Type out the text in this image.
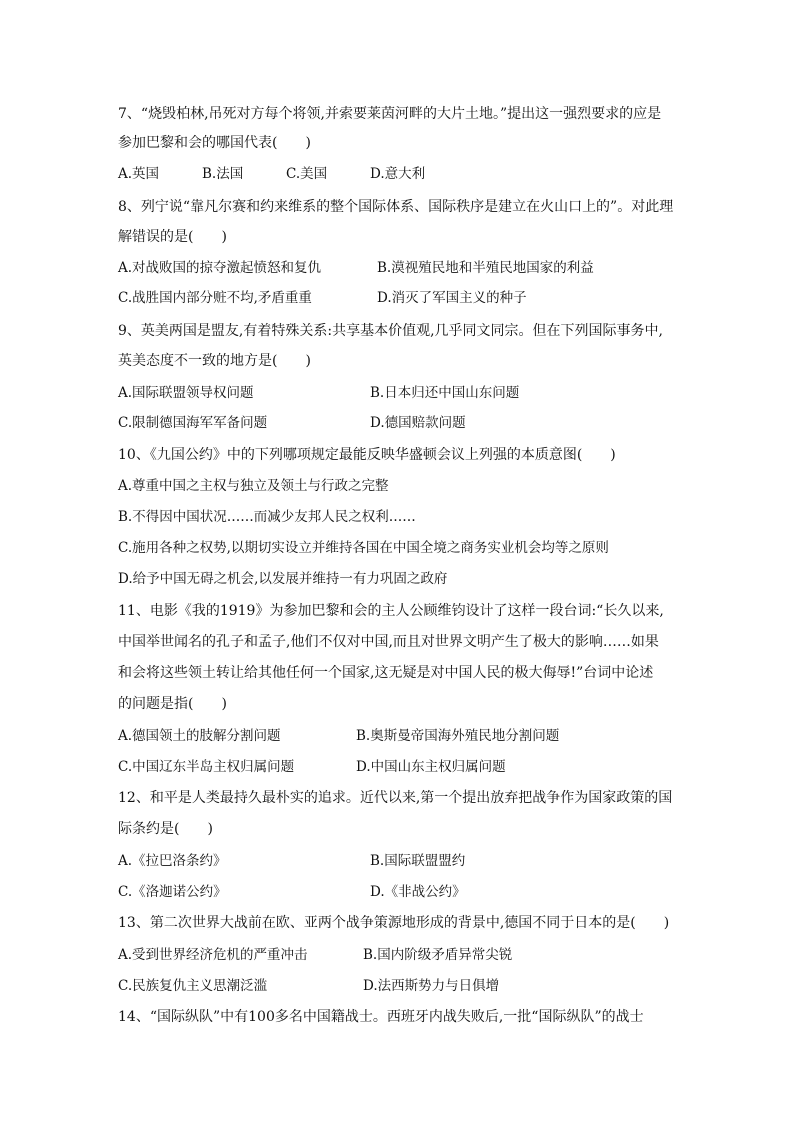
7、“烧毁柏林,吊死对方每个将领,并索要莱茵河畔的大片土地。”提出这一强烈要求的应是
参加巴黎和会的哪国代表(　　)
A.英国	B.法国	C.美国	D.意大利
8、列宁说“靠凡尔赛和约来维系的整个国际体系、国际秩序是建立在火山口上的”。对此理
解错误的是(　　)
A.对战败国的掠夺激起愤怒和复仇	B.漠视殖民地和半殖民地国家的利益
C.战胜国内部分赃不均,矛盾重重	D.消灭了军国主义的种子
9、英美两国是盟友,有着特殊关系:共享基本价值观,几乎同文同宗。但在下列国际事务中,
英美态度不一致的地方是(　　)
A.国际联盟领导权问题	B.日本归还中国山东问题
C.限制德国海军军备问题	D.德国赔款问题
10、《九国公约》中的下列哪项规定最能反映华盛顿会议上列强的本质意图(　　)
A.尊重中国之主权与独立及领土与行政之完整
B.不得因中国状况……而减少友邦人民之权利……
C.施用各种之权势,以期切实设立并维持各国在中国全境之商务实业机会均等之原则
D.给予中国无碍之机会,以发展并维持一有力巩固之政府
11、电影《我的1919》为参加巴黎和会的主人公顾维钧设计了这样一段台词:“长久以来,
中国举世闻名的孔子和孟子,他们不仅对中国,而且对世界文明产生了极大的影响……如果
和会将这些领土转让给其他任何一个国家,这无疑是对中国人民的极大侮辱!”台词中论述
的问题是指(　　)
A.德国领土的肢解分割问题	B.奥斯曼帝国海外殖民地分割问题
C.中国辽东半岛主权归属问题	D.中国山东主权归属问题
12、和平是人类最持久最朴实的追求。近代以来,第一个提出放弃把战争作为国家政策的国
际条约是(　　)
A.《拉巴洛条约》	B.国际联盟盟约
C.《洛迦诺公约》	D.《非战公约》
13、第二次世界大战前在欧、亚两个战争策源地形成的背景中,德国不同于日本的是(　　)
A.受到世界经济危机的严重冲击	B.国内阶级矛盾异常尖锐
C.民族复仇主义思潮泛滥	D.法西斯势力与日俱增
14、“国际纵队”中有100多名中国籍战士。西班牙内战失败后,一批“国际纵队”的战士
